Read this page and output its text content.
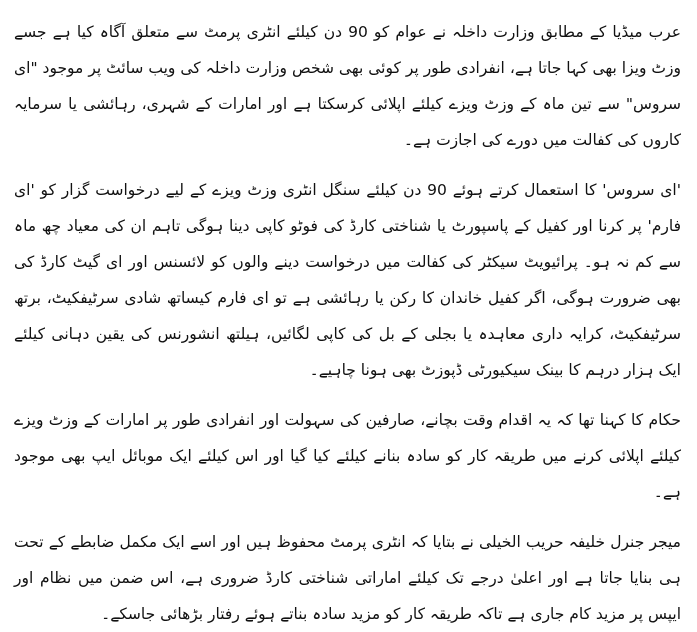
عرب میڈیا کے مطابق وزارت داخلہ نے عوام کو 90 دن کیلئے انٹری پرمٹ سے متعلق آگاہ کیا ہے جسے وزٹ ویزا بھی کہا جاتا ہے، انفرادی طور پر کوئی بھی شخص وزارت داخلہ کی ویب سائٹ پر موجود "ای سروس" سے تین ماہ کے وزٹ ویزے کیلئے اپلائی کرسکتا ہے اور امارات کے شہری، رہائشی یا سرمایہ کاروں کی کفالت میں دورے کی اجازت ہے۔

'ای سروس' کا استعمال کرتے ہوئے 90 دن کیلئے سنگل انٹری وزٹ ویزے کے لیے درخواست گزار کو 'ای فارم' پر کرنا اور کفیل کے پاسپورٹ یا شناختی کارڈ کی فوٹو کاپی دینا ہوگی تاہم ان کی معیاد چھ ماہ سے کم نہ ہو۔ پرائیویٹ سیکٹر کی کفالت میں درخواست دینے والوں کو لائسنس اور ای گیٹ کارڈ کی بھی ضرورت ہوگی، اگر کفیل خاندان کا رکن یا رہائشی ہے تو ای فارم کیساتھ شادی سرٹیفکیٹ، برتھ سرٹیفکیٹ، کرایہ داری معاہدہ یا بجلی کے بل کی کاپی لگائیں، ہیلتھ انشورنس کی یقین دہانی کیلئے ایک ہزار درہم کا بینک سیکیورٹی ڈپوزٹ بھی ہونا چاہیے۔

حکام کا کہنا تھا کہ یہ اقدام وقت بچانے، صارفین کی سہولت اور انفرادی طور پر امارات کے وزٹ ویزے کیلئے اپلائی کرنے میں طریقہ کار کو سادہ بنانے کیلئے کیا گیا اور اس کیلئے ایک موبائل ایپ بھی موجود ہے۔

میجر جنرل خلیفہ حریب الخیلی نے بتایا کہ انٹری پرمٹ محفوظ ہیں اور اسے ایک مکمل ضابطے کے تحت ہی بنایا جاتا ہے اور اعلیٰ درجے تک کیلئے اماراتی شناختی کارڈ ضروری ہے، اس ضمن میں نظام اور ایپس پر مزید کام جاری ہے تاکہ طریقہ کار کو مزید سادہ بناتے ہوئے رفتار بڑھائی جاسکے۔
